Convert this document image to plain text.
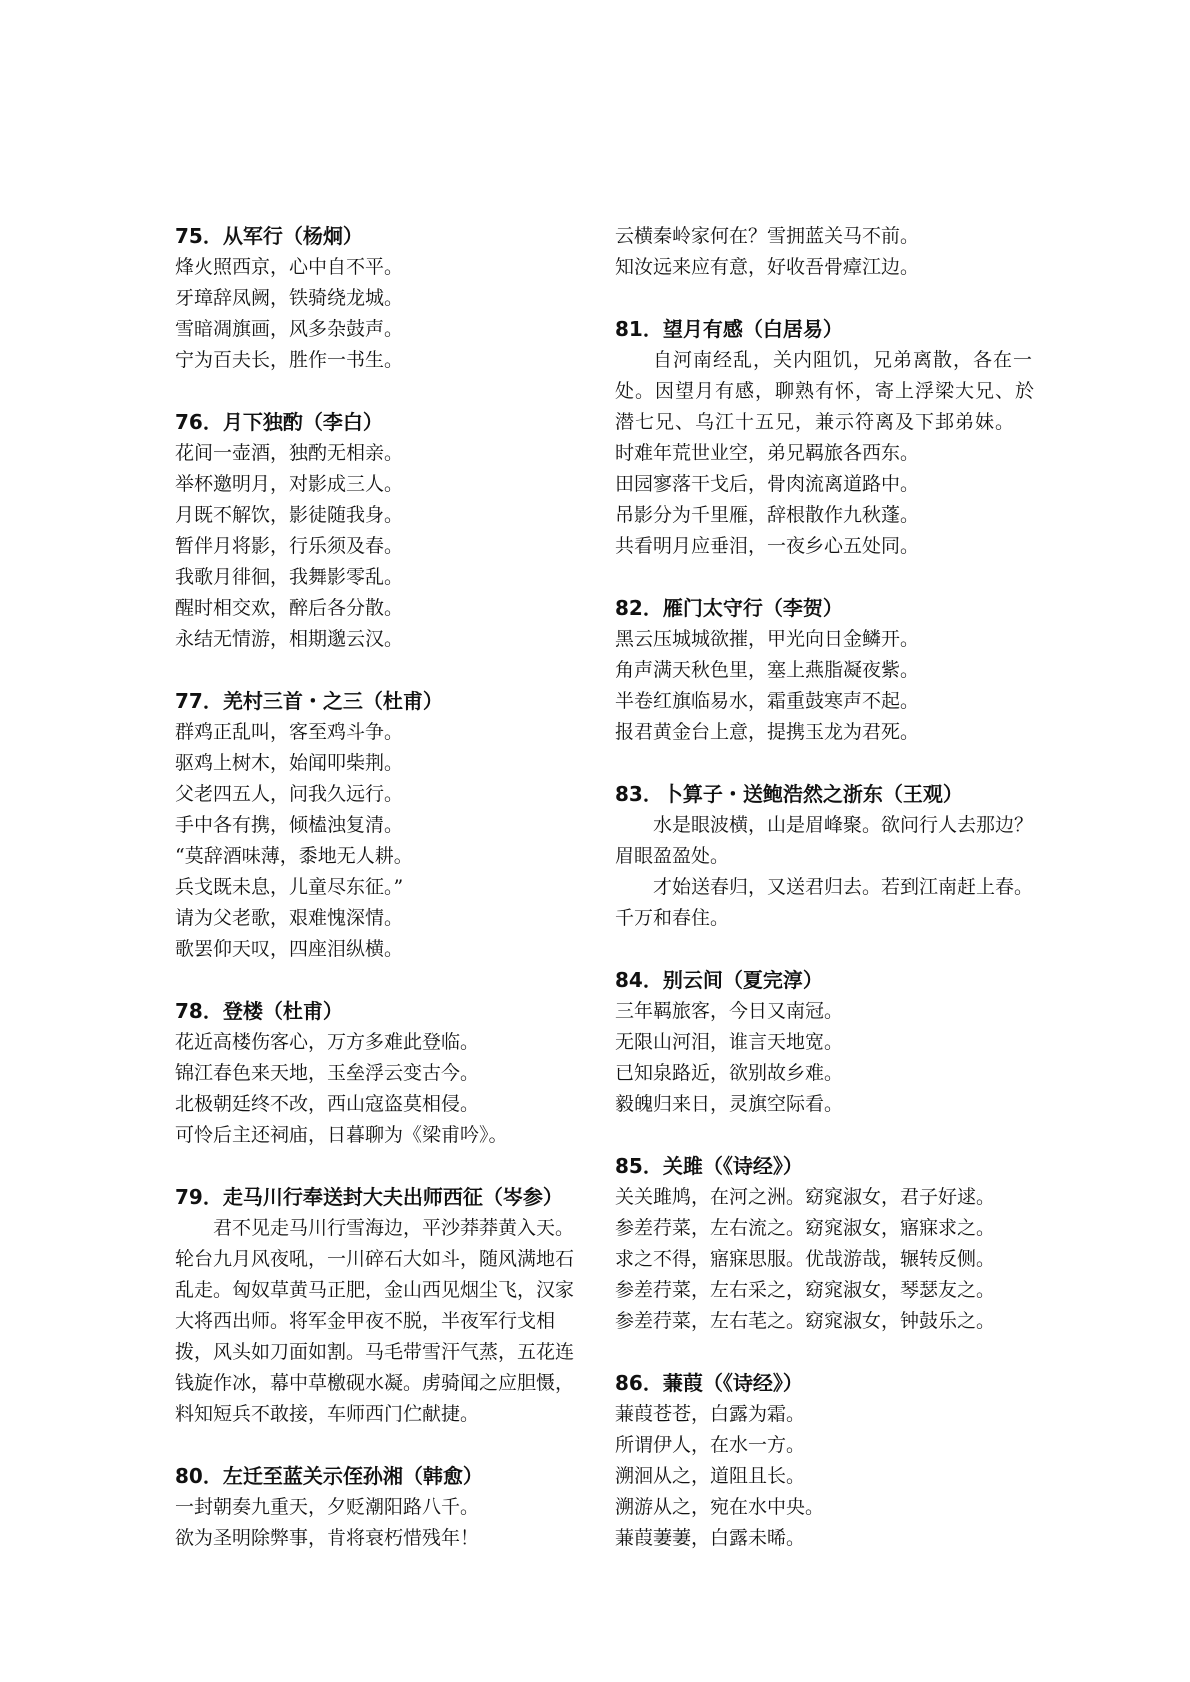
75．从军行（杨炯）
烽火照西京，心中自不平。
牙璋辞凤阙，铁骑绕龙城。
雪暗凋旗画，风多杂鼓声。
宁为百夫长，胜作一书生。
76．月下独酌（李白）
花间一壶酒，独酌无相亲。
举杯邀明月，对影成三人。
月既不解饮，影徒随我身。
暂伴月将影，行乐须及春。
我歌月徘徊，我舞影零乱。
醒时相交欢，醉后各分散。
永结无情游，相期邈云汉。
77．羌村三首・之三（杜甫）
群鸡正乱叫，客至鸡斗争。
驱鸡上树木，始闻叩柴荆。
父老四五人，问我久远行。
手中各有携，倾榼浊复清。
“莫辞酒味薄，黍地无人耕。
兵戈既未息，儿童尽东征。”
请为父老歌，艰难愧深情。
歌罢仰天叹，四座泪纵横。
78．登楼（杜甫）
花近高楼伤客心，万方多难此登临。
锦江春色来天地，玉垒浮云变古今。
北极朝廷终不改，西山寇盗莫相侵。
可怜后主还祠庙，日暮聊为《梁甫吟》。
79．走马川行奉送封大夫出师西征（岑参）
君不见走马川行雪海边，平沙莽莽黄入天。轮台九月风夜吼，一川碎石大如斗，随风满地石乱走。匈奴草黄马正肥，金山西见烟尘飞，汉家大将西出师。将军金甲夜不脱，半夜军行戈相拨，风头如刀面如割。马毛带雪汗气蒸，五花连钱旋作冰，幕中草檄砚水凝。虏骑闻之应胆慑，料知短兵不敢接，车师西门伫献捷。
80．左迁至蓝关示侄孙湘（韩愈）
一封朝奏九重天，夕贬潮阳路八千。
欲为圣明除弊事，肯将衰朽惜残年！
云横秦岭家何在？雪拥蓝关马不前。
知汝远来应有意，好收吾骨瘴江边。
81．望月有感（白居易）
自河南经乱，关内阻饥，兄弟离散，各在一处。因望月有感，聊熟有怀，寄上浮梁大兄、於潜七兄、乌江十五兄，兼示符离及下邽弟妹。
时难年荒世业空，弟兄羁旅各西东。
田园寥落干戈后，骨肉流离道路中。
吊影分为千里雁，辞根散作九秋蓬。
共看明月应垂泪，一夜乡心五处同。
82．雁门太守行（李贺）
黑云压城城欲摧，甲光向日金鳞开。
角声满天秋色里，塞上燕脂凝夜紫。
半卷红旗临易水，霜重鼓寒声不起。
报君黄金台上意，提携玉龙为君死。
83．卜算子・送鲍浩然之浙东（王观）
水是眼波横，山是眉峰聚。欲问行人去那边？眉眼盈盈处。
才始送春归，又送君归去。若到江南赶上春。千万和春住。
84．别云间（夏完淳）
三年羁旅客，今日又南冠。
无限山河泪，谁言天地宽。
已知泉路近，欲别故乡难。
毅魄归来日，灵旗空际看。
85．关雎（《诗经》）
关关雎鸠，在河之洲。窈窕淑女，君子好逑。
参差荇菜，左右流之。窈窕淑女，寤寐求之。
求之不得，寤寐思服。优哉游哉，辗转反侧。
参差荇菜，左右采之，窈窕淑女，琴瑟友之。
参差荇菜，左右芼之。窈窕淑女，钟鼓乐之。
86．蒹葭（《诗经》）
蒹葭苍苍，白露为霜。
所谓伊人，在水一方。
溯洄从之，道阻且长。
溯游从之，宛在水中央。
蒹葭萋萋，白露未晞。
